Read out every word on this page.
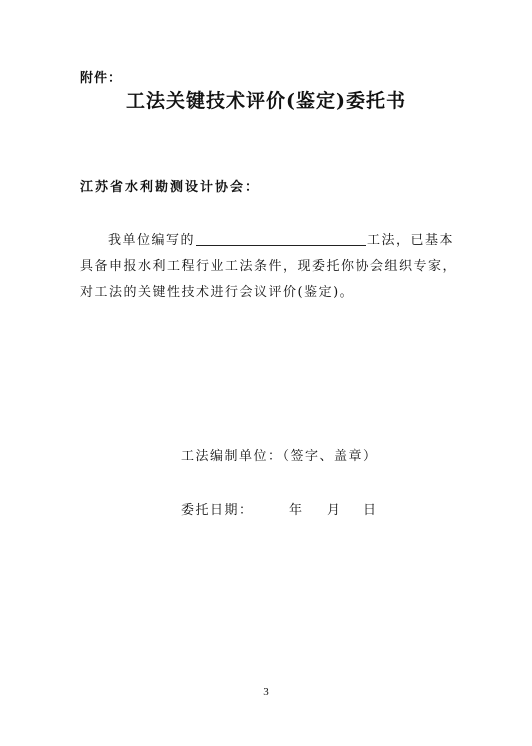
附件：
工法关键技术评价(鉴定)委托书
江苏省水利勘测设计协会：
我单位编写的	工法，已基本
具备申报水利工程行业工法条件，现委托你协会组织专家，
对工法的关键性技术进行会议评价(鉴定)。
工法编制单位：（签字、盖章）
委托日期：	年 月 日
3
